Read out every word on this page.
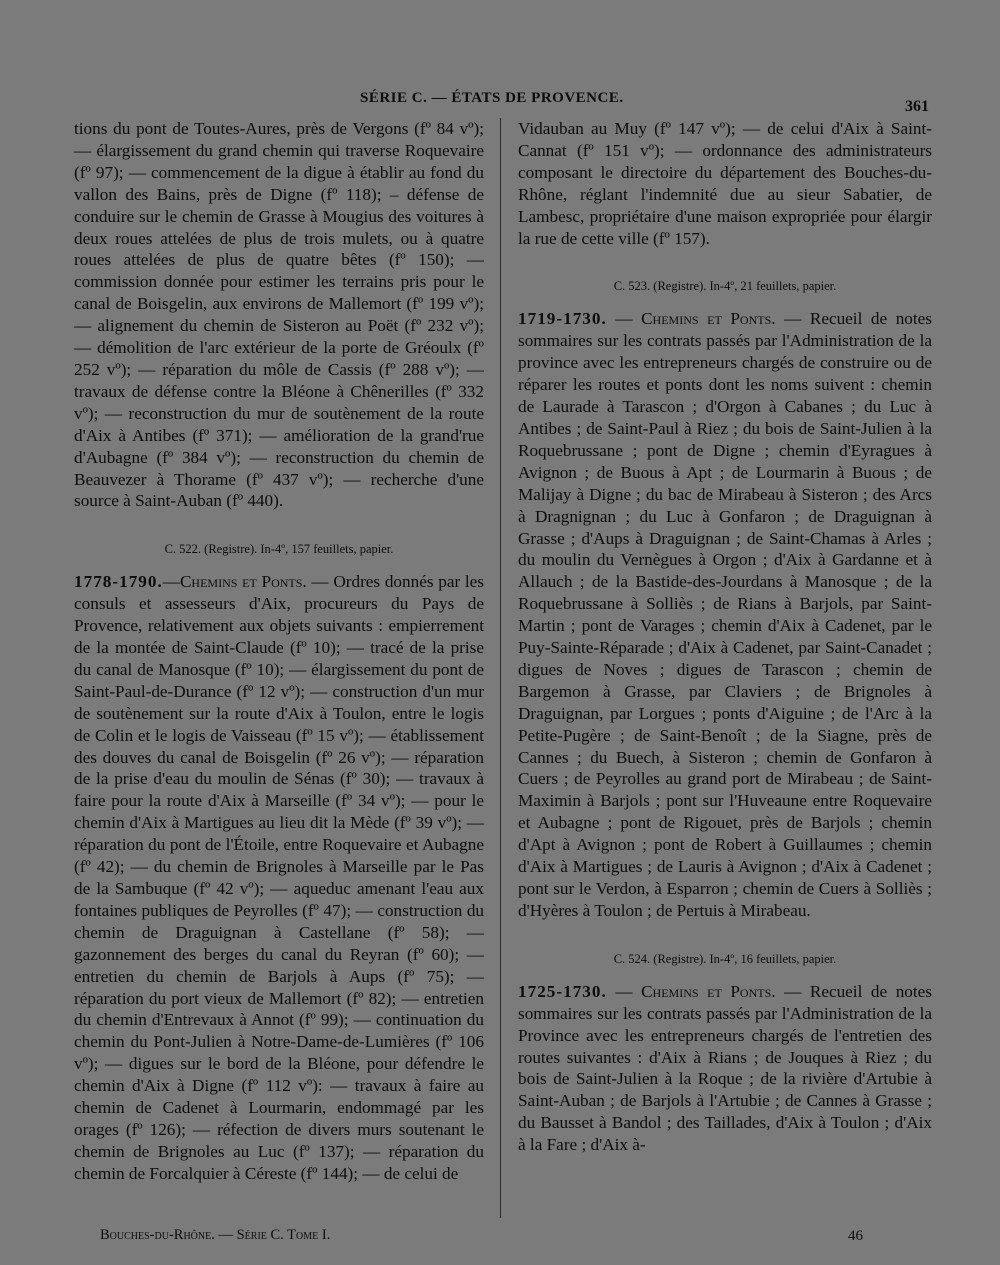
SÉRIE C. — ÉTATS DE PROVENCE.	361

tions du pont de Toutes-Aures, près de Vergons (fº 84 vº); — élargissement du grand chemin qui traverse Roquevaire (fº 97); — commencement de la digue à établir au fond du vallon des Bains, près de Digne (fº 118); – défense de conduire sur le chemin de Grasse à Mougius des voitures à deux roues attelées de plus de trois mulets, ou à quatre roues attelées de plus de quatre bêtes (fº 150); — commission donnée pour estimer les terrains pris pour le canal de Boisgelin, aux environs de Mallemort (fº 199 vº); — alignement du chemin de Sisteron au Poët (fº 232 vº); — démolition de l'arc extérieur de la porte de Gréoulx (fº 252 vº); — réparation du môle de Cassis (fº 288 vº); — travaux de défense contre la Bléone à Chênerilles (fº 332 vº); — reconstruction du mur de soutènement de la route d'Aix à Antibes (fº 371); — amélioration de la grand'rue d'Aubagne (fº 384 vº); — reconstruction du chemin de Beauvezer à Thorame (fº 437 vº); — recherche d'une source à Saint-Auban (fº 440).

C. 522. (Registre). In-4º, 157 feuillets, papier.

1778-1790.—Chemins et Ponts. — Ordres donnés par les consuls et assesseurs d'Aix, procureurs du Pays de Provence, relativement aux objets suivants : empierrement de la montée de Saint-Claude (fº 10); — tracé de la prise du canal de Manosque (fº 10); — élargissement du pont de Saint-Paul-de-Durance (fº 12 vº); — construction d'un mur de soutènement sur la route d'Aix à Toulon, entre le logis de Colin et le logis de Vaisseau (fº 15 vº); — établissement des douves du canal de Boisgelin (fº 26 vº); — réparation de la prise d'eau du moulin de Sénas (fº 30); — travaux à faire pour la route d'Aix à Marseille (fº 34 vº); — pour le chemin d'Aix à Martigues au lieu dit la Mède (fº 39 vº); — réparation du pont de l'Étoile, entre Roquevaire et Aubagne (fº 42); — du chemin de Brignoles à Marseille par le Pas de la Sambuque (fº 42 vº); — aqueduc amenant l'eau aux fontaines publiques de Peyrolles (fº 47); — construction du chemin de Draguignan à Castellane (fº 58); — gazonnement des berges du canal du Reyran (fº 60); — entretien du chemin de Barjols à Aups (fº 75); — réparation du port vieux de Mallemort (fº 82); — entretien du chemin d'Entrevaux à Annot (fº 99); — continuation du chemin du Pont-Julien à Notre-Dame-de-Lumières (fº 106 vº); — digues sur le bord de la Bléone, pour défendre le chemin d'Aix à Digne (fº 112 vº): — travaux à faire au chemin de Cadenet à Lourmarin, endommagé par les orages (fº 126); — réfection de divers murs soutenant le chemin de Brignoles au Luc (fº 137); — réparation du chemin de Forcalquier à Céreste (fº 144); — de celui de

Vidauban au Muy (fº 147 vº); — de celui d'Aix à Saint-Cannat (fº 151 vº); — ordonnance des administrateurs composant le directoire du département des Bouches-du-Rhône, réglant l'indemnité due au sieur Sabatier, de Lambesc, propriétaire d'une maison expropriée pour élargir la rue de cette ville (fº 157).

C. 523. (Registre). In-4º, 21 feuillets, papier.

1719-1730. — Chemins et Ponts. — Recueil de notes sommaires sur les contrats passés par l'Administration de la province avec les entrepreneurs chargés de construire ou de réparer les routes et ponts dont les noms suivent : chemin de Laurade à Tarascon ; d'Orgon à Cabanes ; du Luc à Antibes ; de Saint-Paul à Riez ; du bois de Saint-Julien à la Roquebrussane ; pont de Digne ; chemin d'Eyragues à Avignon ; de Buous à Apt ; de Lourmarin à Buous ; de Malijay à Digne ; du bac de Mirabeau à Sisteron ; des Arcs à Dragnignan ; du Luc à Gonfaron ; de Draguignan à Grasse ; d'Aups à Draguignan ; de Saint-Chamas à Arles ; du moulin du Vernègues à Orgon ; d'Aix à Gardanne et à Allauch ; de la Bastide-des-Jourdans à Manosque ; de la Roquebrussane à Solliès ; de Rians à Barjols, par Saint-Martin ; pont de Varages ; chemin d'Aix à Cadenet, par le Puy-Sainte-Réparade ; d'Aix à Cadenet, par Saint-Canadet ; digues de Noves ; digues de Tarascon ; chemin de Bargemon à Grasse, par Claviers ; de Brignoles à Draguignan, par Lorgues ; ponts d'Aiguine ; de l'Arc à la Petite-Pugère ; de Saint-Benoît ; de la Siagne, près de Cannes ; du Buech, à Sisteron ; chemin de Gonfaron à Cuers ; de Peyrolles au grand port de Mirabeau ; de Saint-Maximin à Barjols ; pont sur l'Huveaune entre Roquevaire et Aubagne ; pont de Rigouet, près de Barjols ; chemin d'Apt à Avignon ; pont de Robert à Guillaumes ; chemin d'Aix à Martigues ; de Lauris à Avignon ; d'Aix à Cadenet ; pont sur le Verdon, à Esparron ; chemin de Cuers à Solliès ; d'Hyères à Toulon ; de Pertuis à Mirabeau.

C. 524. (Registre). In-4º, 16 feuillets, papier.

1725-1730. — Chemins et Ponts. — Recueil de notes sommaires sur les contrats passés par l'Administration de la Province avec les entrepreneurs chargés de l'entretien des routes suivantes : d'Aix à Rians ; de Jouques à Riez ; du bois de Saint-Julien à la Roque ; de la rivière d'Artubie à Saint-Auban ; de Barjols à l'Artubie ; de Cannes à Grasse ; du Bausset à Bandol ; des Taillades, d'Aix à Toulon ; d'Aix à la Fare ; d'Aix à-

Bouches-du-Rhône. — Série C. Tome I.	46
